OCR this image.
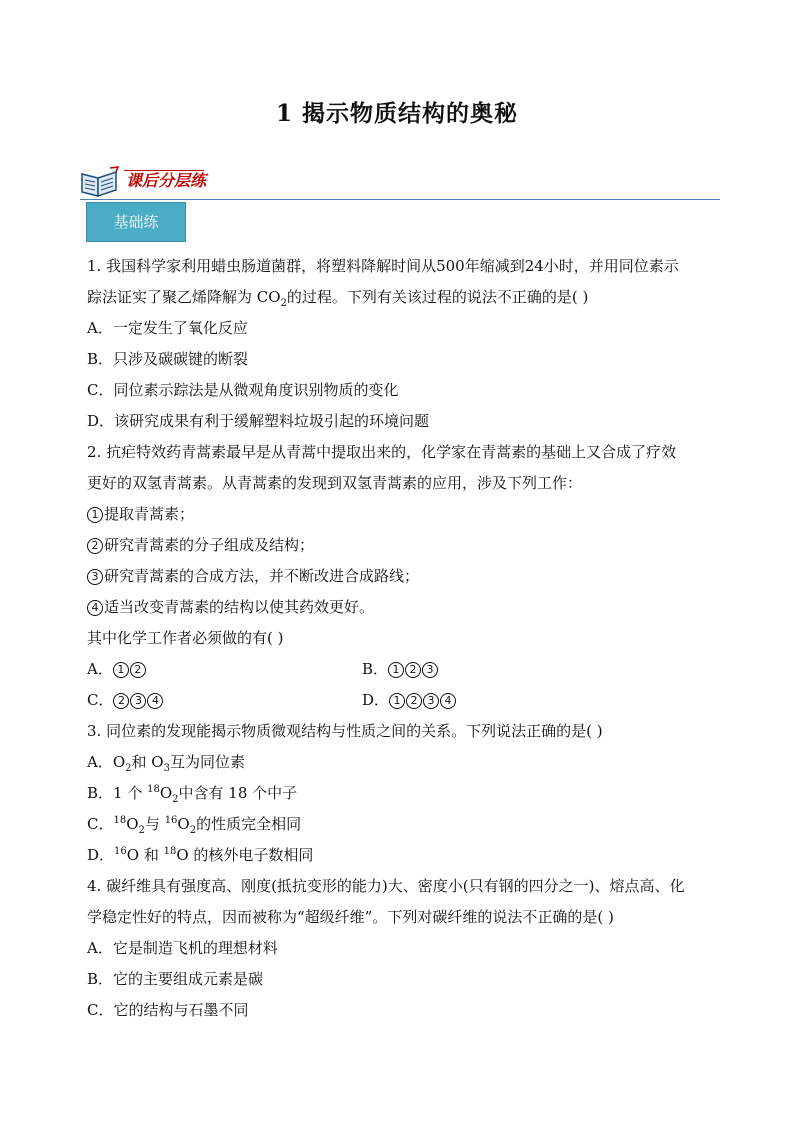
1 揭示物质结构的奥秘
课后分层练
基础练
1. 我国科学家利用蜡虫肠道菌群，将塑料降解时间从500年缩减到24小时，并用同位素示
踪法证实了聚乙烯降解为 $CO_2$的过程。下列有关该过程的说法不正确的是( )
A．一定发生了氧化反应
B．只涉及碳碳键的断裂
C．同位素示踪法是从微观角度识别物质的变化
D．该研究成果有利于缓解塑料垃圾引起的环境问题
2. 抗疟特效药青蒿素最早是从青蒿中提取出来的，化学家在青蒿素的基础上又合成了疗效
更好的双氢青蒿素。从青蒿素的发现到双氢青蒿素的应用，涉及下列工作：
1 提取青蒿素；
2 研究青蒿素的分子组成及结构；
3 研究青蒿素的合成方法，并不断改进合成路线；
4 适当改变青蒿素的结构以使其药效更好。
其中化学工作者必须做的有( )
A． 1 2	B． 1 2 3
C． 2 3 4	D． 1 2 3 4
3. 同位素的发现能揭示物质微观结构与性质之间的关系。下列说法正确的是( )
A．$O_2$和 $O_3$互为同位素
B．1 个 $^{18}O_2$中含有 18 个中子
C．$^{18}O_2$与 $^{16}O_2$的性质完全相同
D．$^{16}$O 和 $^{18}$O 的核外电子数相同
4. 碳纤维具有强度高、刚度(抵抗变形的能力)大、密度小(只有钢的四分之一)、熔点高、化
学稳定性好的特点，因而被称为“超级纤维”。下列对碳纤维的说法不正确的是( )
A．它是制造飞机的理想材料
B．它的主要组成元素是碳
C．它的结构与石墨不同
